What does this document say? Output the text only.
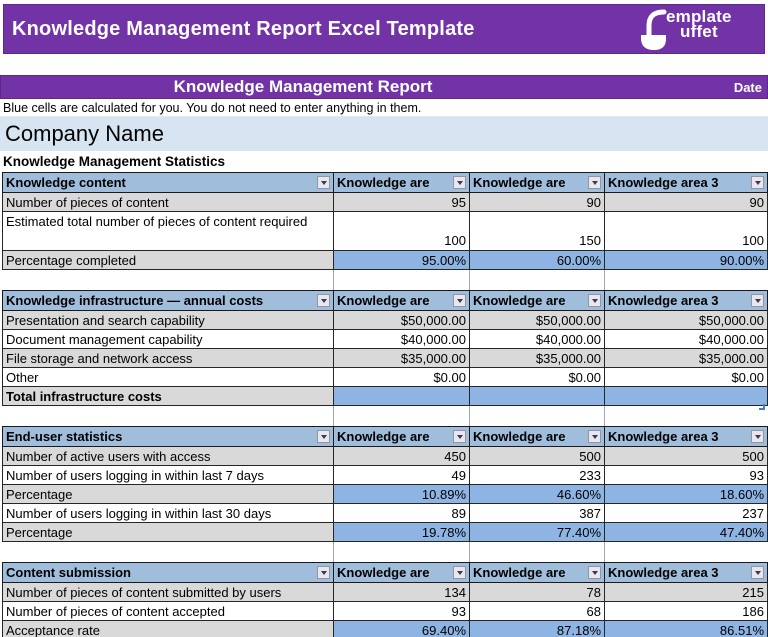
Knowledge Management Report Excel Template
emplate
uffet
Knowledge Management Report	Date
Blue cells are calculated for you. You do not need to enter anything in them.
Company Name
Knowledge Management Statistics
Knowledge content	Knowledge are	Knowledge are	Knowledge area 3

Number of pieces of content	95	90	90
Estimated total number of pieces of content required	100	150	100
Percentage completed	95.00%	60.00%	90.00%
Knowledge infrastructure — annual costs	Knowledge are	Knowledge are	Knowledge area 3

Presentation and search capability	$50,000.00	$50,000.00	$50,000.00
Document management capability	$40,000.00	$40,000.00	$40,000.00
File storage and network access	$35,000.00	$35,000.00	$35,000.00
Other	$0.00	$0.00	$0.00
Total infrastructure costs			
End-user statistics	Knowledge are	Knowledge are	Knowledge area 3

Number of active users with access	450	500	500
Number of users logging in within last 7 days	49	233	93
Percentage	10.89%	46.60%	18.60%
Number of users logging in within last 30 days	89	387	237
Percentage	19.78%	77.40%	47.40%
Content submission	Knowledge are	Knowledge are	Knowledge area 3

Number of pieces of content submitted by users	134	78	215
Number of pieces of content accepted	93	68	186
Acceptance rate	69.40%	87.18%	86.51%
